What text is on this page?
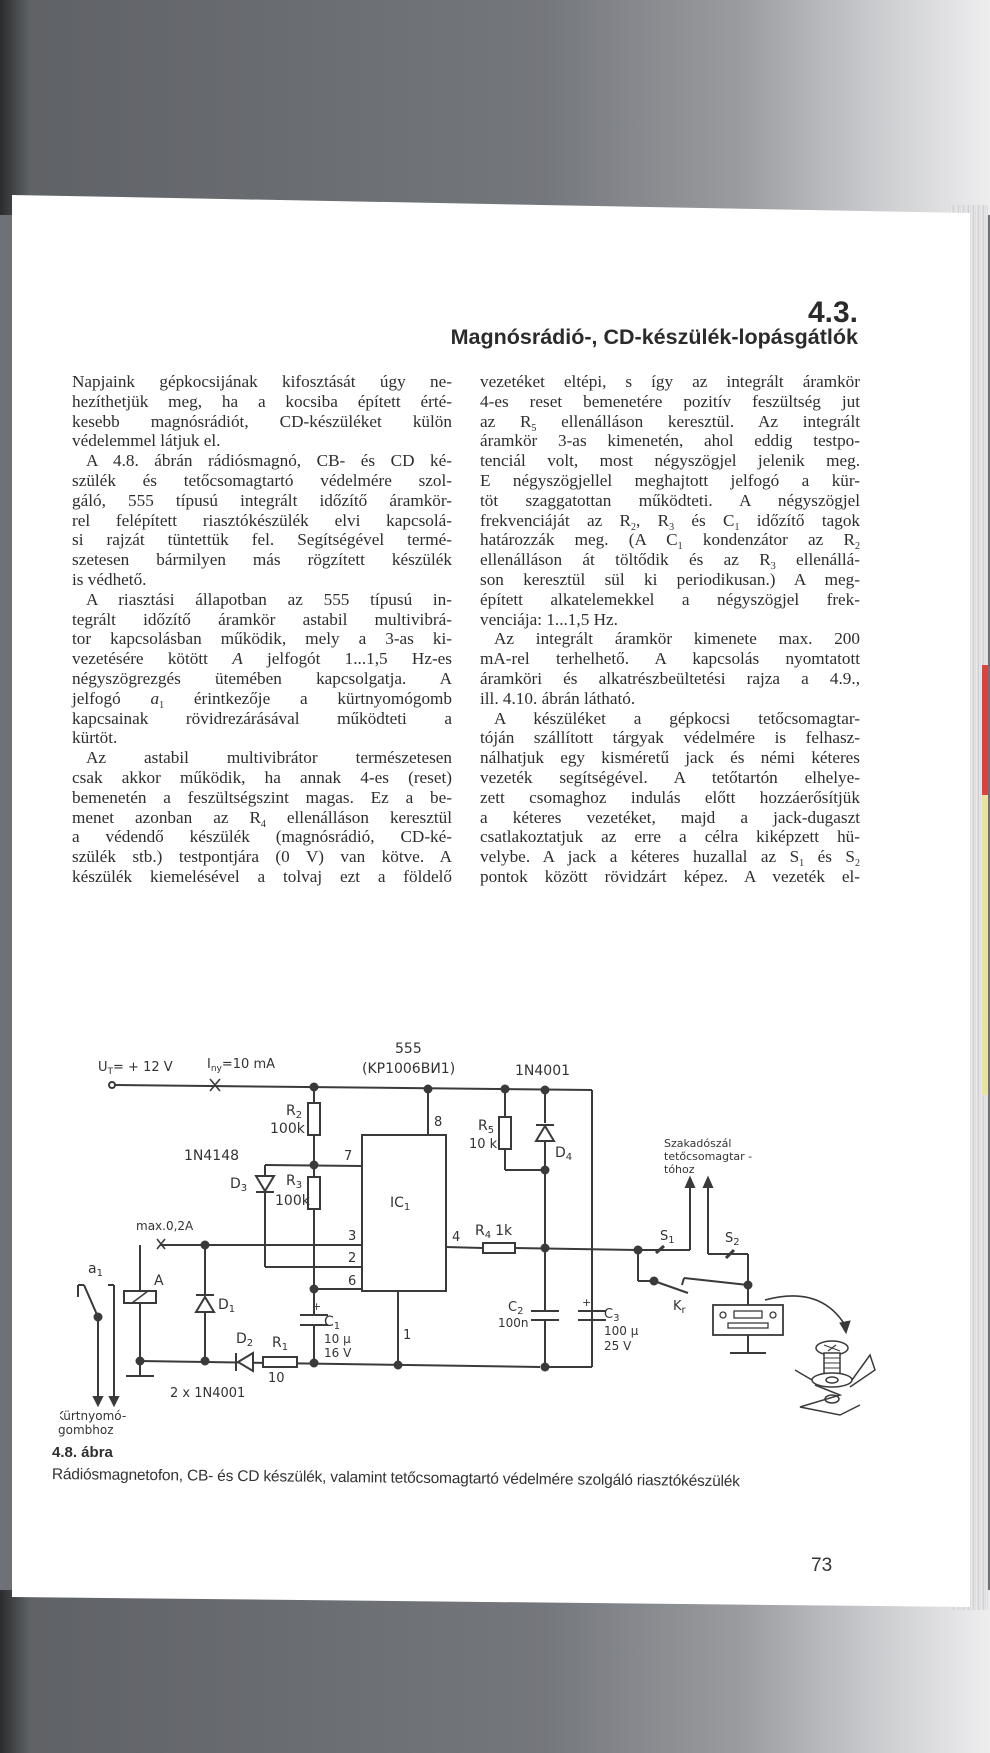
4.3.
Magnósrádió-, CD-készülék-lopásgátlók
Napjaink gépkocsijának kifosztását úgy ne-
hezíthetjük meg, ha a kocsiba épített érté-
kesebb magnósrádiót, CD-készüléket külön
védelemmel látjuk el.
A 4.8. ábrán rádiósmagnó, CB- és CD ké-
szülék és tetőcsomagtartó védelmére szol-
gáló, 555 típusú integrált időzítő áramkör-
rel felépített riasztókészülék elvi kapcsolá-
si rajzát tüntettük fel. Segítségével termé-
szetesen bármilyen más rögzített készülék
is védhető.
A riasztási állapotban az 555 típusú in-
tegrált időzítő áramkör astabil multivibrá-
tor kapcsolásban működik, mely a 3-as ki-
vezetésére kötött A jelfogót 1...1,5 Hz-es
négyszögrezgés ütemében kapcsolgatja. A
jelfogó $a_1$ érintkezője a kürtnyomógomb
kapcsainak rövidrezárásával működteti a
kürtöt.
Az astabil multivibrátor természetesen
csak akkor működik, ha annak 4-es (reset)
bemenetén a feszültségszint magas. Ez a be-
menet azonban az $R_4$ ellenálláson keresztül
a védendő készülék (magnósrádió, CD-ké-
szülék stb.) testpontjára (0 V) van kötve. A
készülék kiemelésével a tolvaj ezt a földelő
vezetéket eltépi, s így az integrált áramkör
4-es reset bemenetére pozitív feszültség jut
az $R_5$ ellenálláson keresztül. Az integrált
áramkör 3-as kimenetén, ahol eddig testpo-
tenciál volt, most négyszögjel jelenik meg.
E négyszögjellel meghajtott jelfogó a kür-
töt szaggatottan működteti. A négyszögjel
frekvenciáját az $R_2$, $R_3$ és $C_1$ időzítő tagok
határozzák meg. (A $C_1$ kondenzátor az $R_2$
ellenálláson át töltődik és az $R_3$ ellenállá-
son keresztül sül ki periodikusan.) A meg-
épített alkatelemekkel a négyszögjel frek-
venciája: 1...1,5 Hz.
Az integrált áramkör kimenete max. 200
mA-rel terhelhető. A kapcsolás nyomtatott
áramköri és alkatrészbeültetési rajza a 4.9.,
ill. 4.10. ábrán látható.
A készüléket a gépkocsi tetőcsomagtar-
tóján szállított tárgyak védelmére is felhasz-
nálhatjuk egy kisméretű jack és némi kéteres
vezeték segítségével. A tetőtartón elhelye-
zett csomaghoz indulás előtt hozzáerősítjük
a kéteres vezetéket, majd a jack-dugaszt
csatlakoztatjuk az erre a célra kiképzett hü-
velybe. A jack a kéteres huzallal az $S_1$ és $S_2$
pontok között rövidzárt képez. A vezeték el-
$U_T= + 12$ V	$I_{ny}=10$ mA
555
(KP1006BИ1)	1N4001
$R_2$
100k
1N4148
$D_3$	$R_3$
100k
max.0,2A
$IC_1$
8
7
3
2
6
4
1
$R_5$
10 k
$D_4$
$R_4$ 1k
$a_1$	A
$D_1$
$D_2$ $R_1$
10
+
$C_1$
10 µ
16 V
$C_2$
100n
+
$C_3$
100 µ
25 V
2 x 1N4001
Kürtnyomó-
Szakadószál
tetőcsomagtar -
tóhoz
$S_1$	$S_2$
$K_r$
gombhoz
4.8. ábra
Rádiósmagnetofon, CB- és CD készülék, valamint tetőcsomagtartó védelmére szolgáló riasztókészülék
73
